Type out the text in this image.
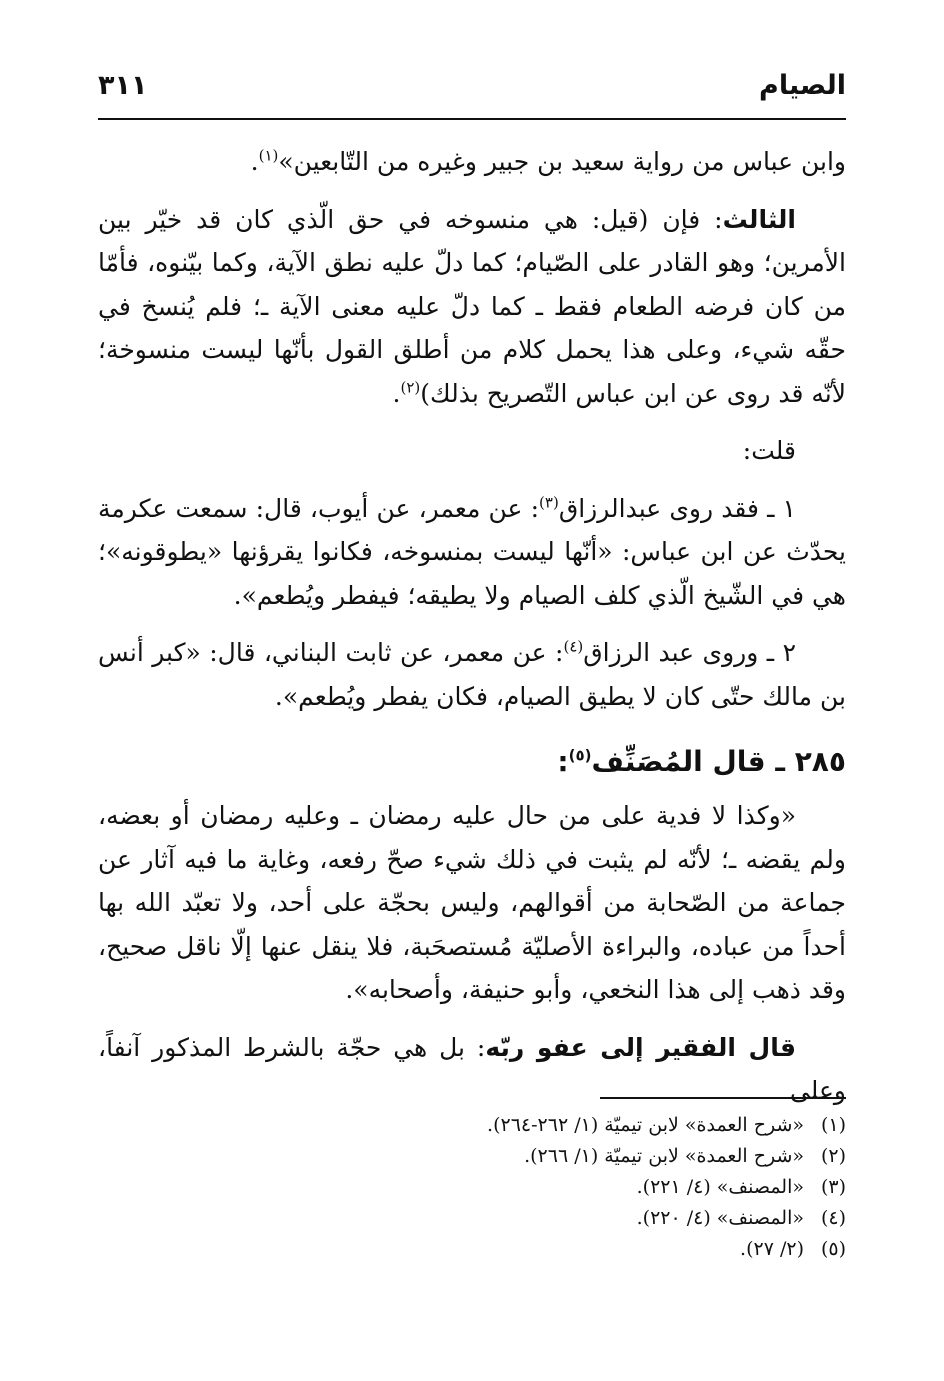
الصيام
٣١١

وابن عباس من رواية سعيد بن جبير وغيره من التّابعين»$^{(١)}$.

الثالث: فإن (قيل: هي منسوخه في حق الّذي كان قد خيّر بين الأمرين؛ وهو القادر على الصّيام؛ كما دلّ عليه نطق الآية، وكما بيّنوه، فأمّا من كان فرضه الطعام فقط ـ كما دلّ عليه معنى الآية ـ؛ فلم يُنسخ في حقّه شيء، وعلى هذا يحمل كلام من أطلق القول بأنّها ليست منسوخة؛ لأنّه قد روى عن ابن عباس التّصريح بذلك)$^{(٢)}$.

قلت:

١ ـ فقد روى عبدالرزاق$^{(٣)}$: عن معمر، عن أيوب، قال: سمعت عكرمة يحدّث عن ابن عباس: «أنّها ليست بمنسوخه، فكانوا يقرؤنها «يطوقونه»؛ هي في الشّيخ الّذي كلف الصيام ولا يطيقه؛ فيفطر ويُطعم».

٢ ـ وروى عبد الرزاق$^{(٤)}$: عن معمر، عن ثابت البناني، قال: «كبر أنس بن مالك حتّى كان لا يطيق الصيام، فكان يفطر ويُطعم».

٢٨٥ ـ قال المُصَنِّف$^{(٥)}$:

«وكذا لا فدية على من حال عليه رمضان ـ وعليه رمضان أو بعضه، ولم يقضه ـ؛ لأنّه لم يثبت في ذلك شيء صحّ رفعه، وغاية ما فيه آثار عن جماعة من الصّحابة من أقوالهم، وليس بحجّة على أحد، ولا تعبّد الله بها أحداً من عباده، والبراءة الأصليّة مُستصحَبة، فلا ينقل عنها إلّا ناقل صحيح، وقد ذهب إلى هذا النخعي، وأبو حنيفة، وأصحابه».

قال الفقير إلى عفو ربّه: بل هي حجّة بالشرط المذكور آنفاً، وعلى

(١)«شرح العمدة» لابن تيميّة (١/ ٢٦٢-٢٦٤).

(٢)«شرح العمدة» لابن تيميّة (١/ ٢٦٦).

(٣)«المصنف» (٤/ ٢٢١).

(٤)«المصنف» (٤/ ٢٢٠).

(٥)(٢/ ٢٧).
